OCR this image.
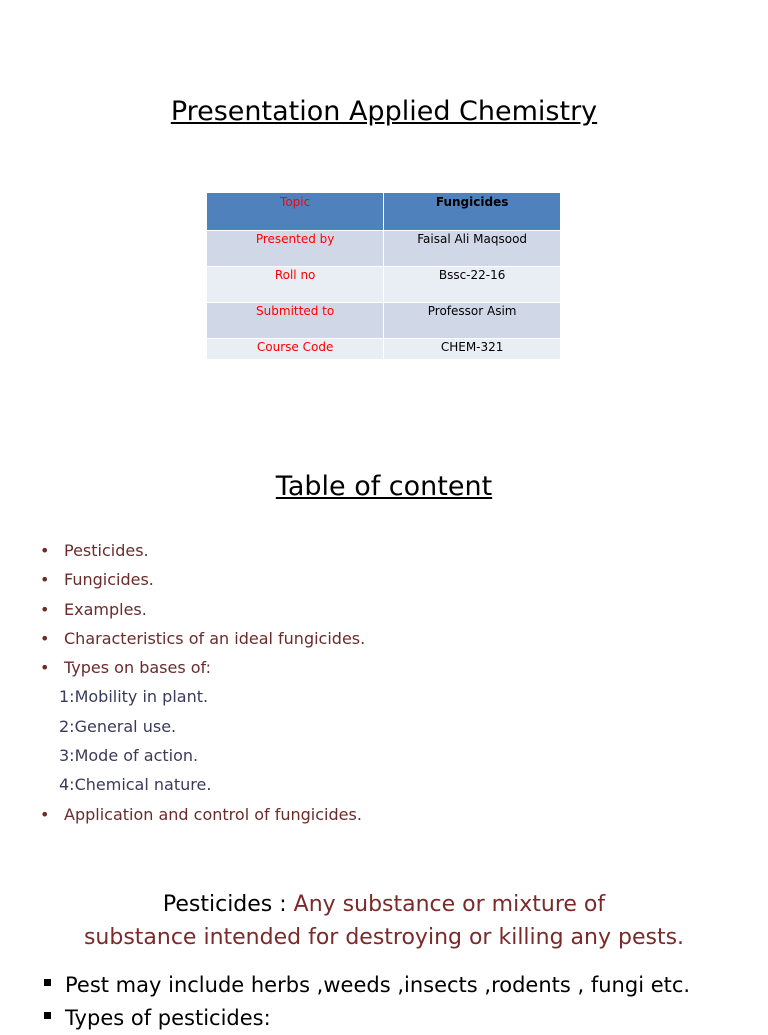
Presentation Applied Chemistry
Topic	Fungicides
Presented by	Faisal Ali Maqsood
Roll no	Bssc-22-16
Submitted to	Professor Asim
Course Code	CHEM-321
Table of content
• Pesticides.
• Fungicides.
• Examples.
• Characteristics of an ideal fungicides.
• Types on bases of:
1:Mobility in plant.
2:General use.
3:Mode of action.
4:Chemical nature.
• Application and control of fungicides.
Pesticides : Any substance or mixture of
substance intended for destroying or killing any pests.
Pest may include herbs ,weeds ,insects ,rodents , fungi etc.
Types of pesticides:
